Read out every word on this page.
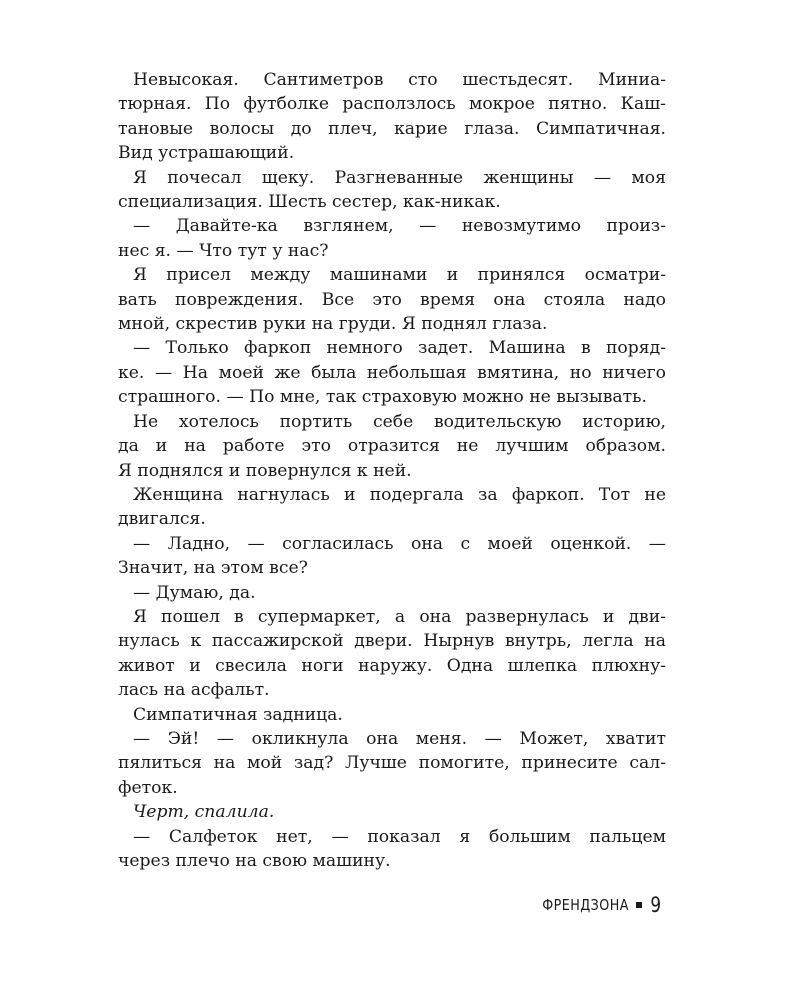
Невысокая. Сантиметров сто шестьдесят. Миниа-
тюрная. По футболке расползлось мокрое пятно. Каш-
тановые волосы до плеч, карие глаза. Симпатичная.
Вид устрашающий.
Я почесал щеку. Разгневанные женщины — моя
специализация. Шесть сестер, как-никак.
— Давайте-ка взглянем, — невозмутимо произ-
нес я. — Что тут у нас?
Я присел между машинами и принялся осматри-
вать повреждения. Все это время она стояла надо
мной, скрестив руки на груди. Я поднял глаза.
— Только фаркоп немного задет. Машина в поряд-
ке. — На моей же была небольшая вмятина, но ничего
страшного. — По мне, так страховую можно не вызывать.
Не хотелось портить себе водительскую историю,
да и на работе это отразится не лучшим образом.
Я поднялся и повернулся к ней.
Женщина нагнулась и подергала за фаркоп. Тот не
двигался.
— Ладно, — согласилась она с моей оценкой. —
Значит, на этом все?
— Думаю, да.
Я пошел в супермаркет, а она развернулась и дви-
нулась к пассажирской двери. Нырнув внутрь, легла на
живот и свесила ноги наружу. Одна шлепка плюхну-
лась на асфальт.
Симпатичная задница.
— Эй! — окликнула она меня. — Может, хватит
пялиться на мой зад? Лучше помогите, принесите сал-
феток.
Черт, спалила.
— Салфеток нет, — показал я большим пальцем
через плечо на свою машину.
ФРЕНДЗОНА 9
